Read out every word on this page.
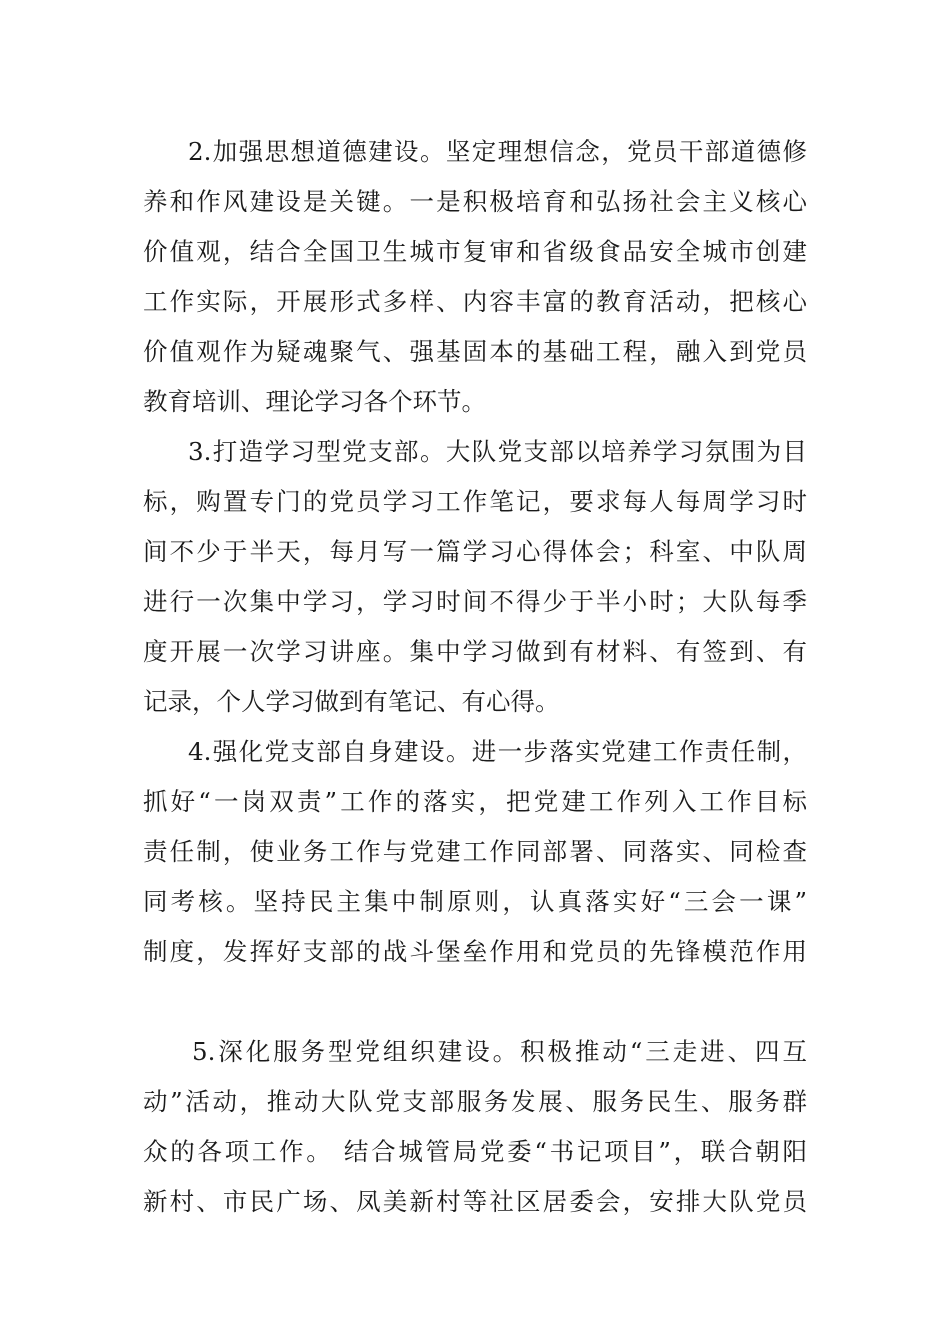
2.加强思想道德建设。坚定理想信念，党员干部道德修
养和作风建设是关键。一是积极培育和弘扬社会主义核心
价值观，结合全国卫生城市复审和省级食品安全城市创建
工作实际，开展形式多样、内容丰富的教育活动，把核心
价值观作为疑魂聚气、强基固本的基础工程，融入到党员
教育培训、理论学习各个环节。
3.打造学习型党支部。大队党支部以培养学习氛围为目
标，购置专门的党员学习工作笔记，要求每人每周学习时
间不少于半天，每月写一篇学习心得体会；科室、中队周
进行一次集中学习，学习时间不得少于半小时；大队每季
度开展一次学习讲座。集中学习做到有材料、有签到、有
记录，个人学习做到有笔记、有心得。
4.强化党支部自身建设。进一步落实党建工作责任制，
抓好“一岗双责”工作的落实，把党建工作列入工作目标
责任制，使业务工作与党建工作同部署、同落实、同检查
同考核。坚持民主集中制原则，认真落实好“三会一课”
制度，发挥好支部的战斗堡垒作用和党员的先锋模范作用
5.深化服务型党组织建设。积极推动“三走进、四互
动”活动，推动大队党支部服务发展、服务民生、服务群
众的各项工作。 结合城管局党委“书记项目”，联合朝阳
新村、市民广场、凤美新村等社区居委会，安排大队党员
